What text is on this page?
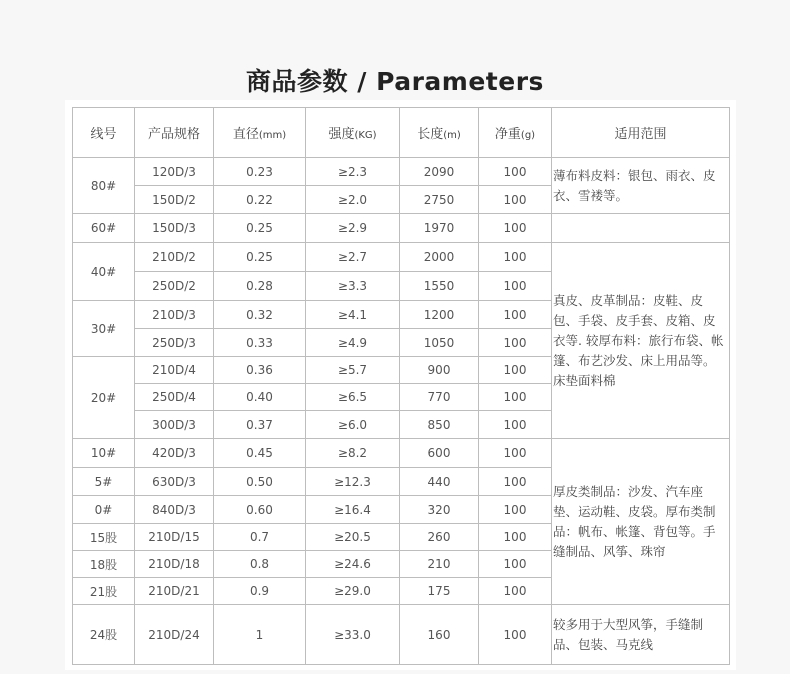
商品参数 / Parameters
线号	产品规格	直径(mm)	强度(KG)	长度(m)	净重(g)	适用范围
80#	120D/3	0.23	≥2.3	2090	100	薄布料皮料：银包、雨衣、皮衣、雪褛等。
	150D/2	0.22	≥2.0	2750	100	
60#	150D/3	0.25	≥2.9	1970	100	
40#	210D/2	0.25	≥2.7	2000	100	真皮、皮革制品：皮鞋、皮包、手袋、皮手套、皮箱、皮衣等. 较厚布料：旅行布袋、帐篷、布艺沙发、床上用品等。床垫面料棉
	250D/2	0.28	≥3.3	1550	100	
30#	210D/3	0.32	≥4.1	1200	100	
	250D/3	0.33	≥4.9	1050	100	
20#	210D/4	0.36	≥5.7	900	100	
	250D/4	0.40	≥6.5	770	100	
	300D/3	0.37	≥6.0	850	100	
10#	420D/3	0.45	≥8.2	600	100	厚皮类制品：沙发、汽车座垫、运动鞋、皮袋。厚布类制品：帆布、帐篷、背包等。手缝制品、风筝、珠帘
5#	630D/3	0.50	≥12.3	440	100	
0#	840D/3	0.60	≥16.4	320	100	
15股	210D/15	0.7	≥20.5	260	100	
18股	210D/18	0.8	≥24.6	210	100	
21股	210D/21	0.9	≥29.0	175	100	
24股	210D/24	1	≥33.0	160	100	较多用于大型风筝，手缝制品、包装、马克线
